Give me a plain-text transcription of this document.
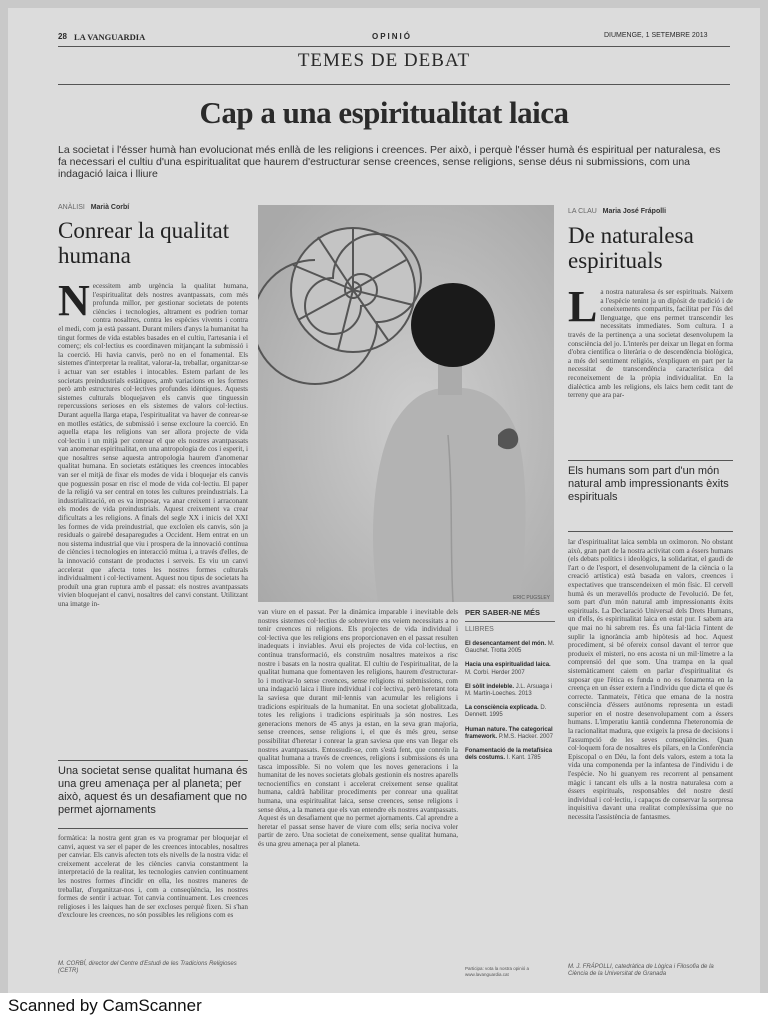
28 LA VANGUARDIA	OPINIÓ	DIUMENGE, 1 SETEMBRE 2013
TEMES DE DEBAT
Cap a una espiritualitat laica
La societat i l'ésser humà han evolucionat més enllà de les religions i creences. Per això, i perquè l'ésser humà és espiritual per naturalesa, es fa necessari el cultiu d'una espiritualitat que haurem d'estructurar sense creences, sense religions, sense déus ni submissions, com una indagació laica i lliure
ANÀLISI Marià Corbí
Conrear la qualitat humana
N ecessitem amb urgència la qualitat humana, l'espiritualitat dels nostres avantpassats, com més profunda millor, per gestionar societats de potents ciències i tecnologies, altrament es podrien tornar contra nosaltres, contra les espècies vivents i contra el medi, com ja està passant. Durant milers d'anys la humanitat ha tingut formes de vida estables basades en el cultiu, l'artesania i el comerç; els col·lectius es coordinaven mitjançant la submissió i la coerció. Hi havia canvis, però no en el fonamental. Els sistemes d'interpretar la realitat, valorar-la, treballar, organitzar-se i actuar van ser estables i intocables. Estem parlant de les societats preindustrials estàtiques, amb variacions en les formes però amb estructures col·lectives profundes idèntiques. Aquests sistemes culturals bloquejaven els canvis que tinguessin repercussions serioses en els sistemes de valors col·lectius. Durant aquella llarga etapa, l'espiritualitat va haver de conrear-se en motlles estàtics, de submissió i sense excloure la coerció. En aquella etapa les religions van ser allora projecte de vida col·lectiu i un mitjà per conrear el que els nostres avantpassats van anomenar espiritualitat, en una antropologia de cos i esperit, i que nosaltres sense aquesta antropologia haurem d'anomenar qualitat humana. En societats estàtiques les creences intocables van ser el mitjà de fixar els modes de vida i bloquejar els canvis que poguessin posar en risc el mode de vida col·lectiu. El paper de la religió va ser central en totes les cultures preindustrials. La industrialització, en es va imposar, va anar creixent i arraconant els modes de vida preindustrials. Aquest creixement va crear dificultats a les religions. A finals del segle XX i inicis del XXI les formes de vida preindustrial, que excloïen els canvis, són ja residuals o gairebé desaparegudes a Occident. Hem entrat en un nou sistema industrial que viu i prospera de la innovació contínua de ciències i tecnologies en interacció mútua i, a través d'elles, de la innovació constant de productes i serveis. Es viu un canvi accelerat que afecta totes les nostres formes culturals individualment i col·lectivament. Aquest nou tipus de societats ha produït una gran ruptura amb el passat: els nostres avantpassats vivien bloquejant el canvi, nosaltres del canvi constant. Utilitzant una imatge in-
Una societat sense qualitat humana és una greu amenaça per al planeta; per això, aquest és un desafiament que no permet ajornaments
formàtica: la nostra gent gran es va programar per bloquejar el canvi, aquest va ser el paper de les creences intocables, nosaltres per canviar. Els canvis afecten tots els nivells de la nostra vida: el creixement accelerat de les ciències canvia constantment la interpretació de la realitat, les tecnologies canvien contínuament les nostres formes d'incidir en ella, les nostres maneres de treballar, d'organitzar-nos i, com a conseqüència, les nostres formes de sentir i actuar. Tot canvia contínuament. Les creences religioses i les laiques han de ser excloses perquè fixen. Si s'han d'excloure les creences, no són possibles les religions com es
M. CORBÍ, director del Centre d'Estudi de les Tradicions Religioses (CETR)
ERIC PUGSLEY
van viure en el passat. Per la dinàmica imparable i inevitable dels nostres sistemes col·lectius de sobreviure ens veiem necessitats a no tenir creences ni religions. Els projectes de vida individual i col·lectiva que les religions ens proporcionaven en el passat resulten inadequats i inviables. Avui els projectes de vida col·lectius, en contínua transformació, els construïm nosaltres mateixos a risc nostre i basats en la nostra qualitat. El cultiu de l'espiritualitat, de la qualitat humana que fomentaven les religions, haurem d'estructurar-lo i motivar-lo sense creences, sense religions ni submissions, com una indagació laica i lliure individual i col·lectiva, però heretant tota la saviesa que durant mil·lennis van acumular les religions i tradicions espirituals de la humanitat. En una societat globalitzada, totes les religions i tradicions espirituals ja són nostres. Les generacions menors de 45 anys ja estan, en la seva gran majoria, sense creences, sense religions i, el que és més greu, sense possibilitat d'heretar i conrear la gran saviesa que ens van llegar els nostres avantpassats. Entossudir-se, com s'està fent, que conreïn la qualitat humana a través de creences, religions i submissions és una tasca impossible. Si no volem que les noves generacions i la humanitat de les noves societats globals gestionin els nostres aparells tecnocientífics en constant i accelerat creixement sense qualitat humana, caldrà habilitar procediments per conrear una qualitat humana, una espiritualitat laica, sense creences, sense religions i sense déus, a la manera que els van entendre els nostres avantpassats. Aquest és un desafiament que no permet ajornaments. Cal aprendre a heretar el passat sense haver de viure com ells; seria nociva voler partir de zero. Una societat de coneixement, sense qualitat humana, és una greu amenaça per al planeta.
PER SABER-NE MÉS
LLIBRES
El desencantament del món. M. Gauchet. Trotta 2005
Hacia una espiritualidad laica. M. Corbí. Herder 2007
El sòlit indeleble. J.L. Arsuaga i M. Martín-Loeches. 2013
La consciència explicada. D. Dennett. 1995
Human nature. The categorical framework. P.M.S. Hacker. 2007
Fonamentació de la metafísica dels costums. I. Kant. 1785
Participa: vota la nostra opinió a www.lavanguardia.cat
LA CLAU Maria José Frápolli
De naturalesa espirituals
L a nostra naturalesa és ser espirituals. Naixem a l'espècie tenint ja un dipòsit de tradició i de coneixements compartits, facilitat per l'ús del llenguatge, que ens permet transcendir les necessitats immediates. Som cultura. I a través de la pertinença a una societat desenvolupem la consciència del jo. L'interès per deixar un llegat en forma d'obra científica o literària o de descendència biològica, a més del sentiment religiós, s'expliquen en part per la necessitat de transcendència característica del reconeixement de la pròpia individualitat. En la dialèctica amb les religions, els laics hem cedit tant de terreny que ara par-
Els humans som part d'un món natural amb impressionants èxits espirituals
lar d'espiritualitat laica sembla un oxímoron. No obstant això, gran part de la nostra activitat com a éssers humans (els debats polítics i ideològics, la solidaritat, el gaudi de l'art o de l'esport, el desenvolupament de la ciència o la creació artística) està basada en valors, creences i expectatives que transcendeixen el món físic. El cervell humà és un meravellós producte de l'evolució. De fet, som part d'un món natural amb impressionants èxits espirituals. La Declaració Universal dels Drets Humans, un d'ells, és espiritualitat laica en estat pur. I sabem ara que mai no hi sabrem res. És una fal·làcia l'intent de suplir la ignorància amb hipòtesis ad hoc. Aquest procediment, si bé ofereix consol davant el terror que produeix el misteri, no ens acosta ni un mil·límetre a la comprensió del que som. Una trampa en la qual sistemàticament caiem en parlar d'espiritualitat és suposar que l'ètica es funda o no es fonamenta en la creença en un ésser extern a l'individu que dicta el que és correcte. Tanmateix, l'ètica que emana de la nostra consciència d'éssers autònoms representa un estadi superior en el nostre desenvolupament com a éssers humans. L'imperatiu kantià condemna l'heteronomia de la racionalitat madura, que exigeix la presa de decisions i l'assumpció de les seves conseqüències. Quan col·loquem fora de nosaltres els pilars, en la Conferència Episcopal o en Déu, la font dels valors, estem a tota la vida una componenda per la infantesa de l'individu i de l'espècie. No hi guanyem res recorrent al pensament màgic i tancant els ulls a la nostra naturalesa com a éssers espirituals, responsables del nostre destí individual i col·lectiu, i capaços de conservar la sorpresa inquisitiva davant una realitat complexíssima que no necessita l'assistència de fantasmes.
M. J. FRÁPOLLI, catedràtica de Lògica i Filosofia de la Ciència de la Universitat de Granada
Scanned by CamScanner
